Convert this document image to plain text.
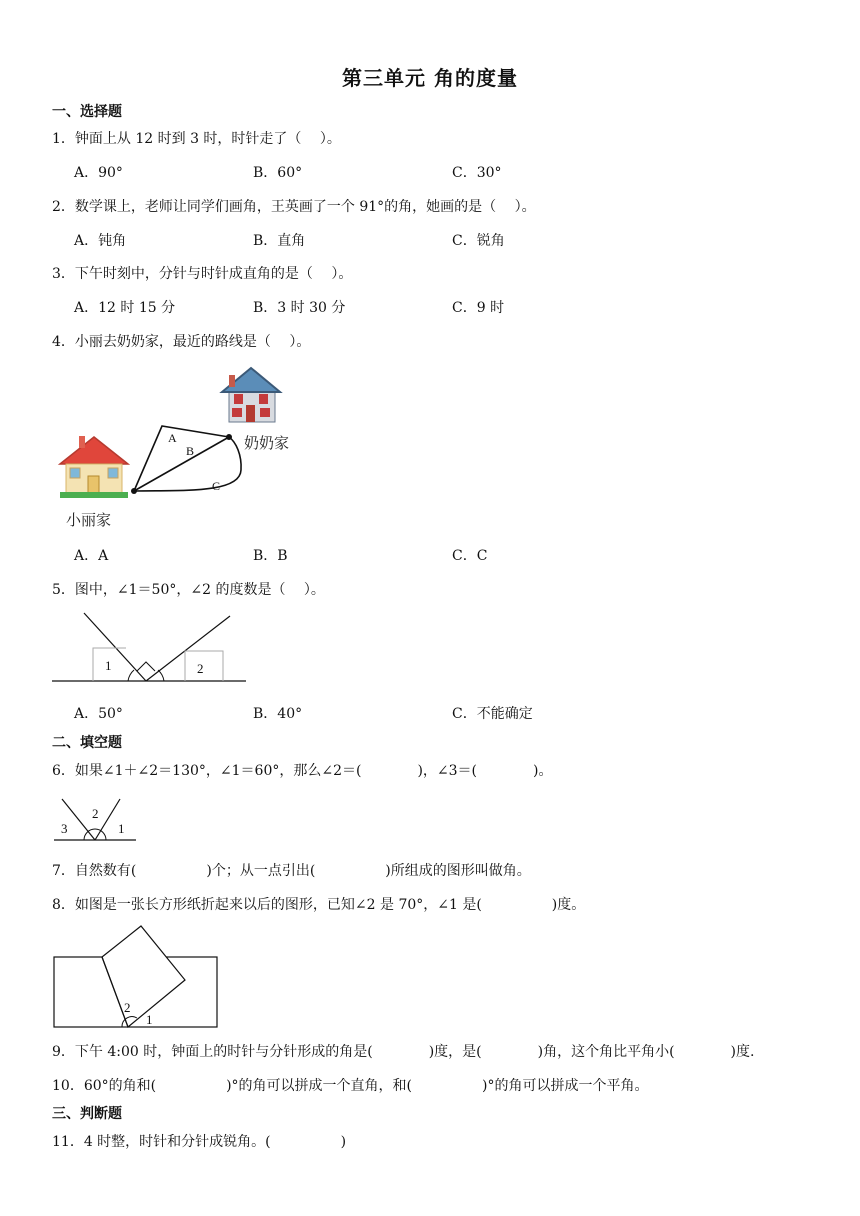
第三单元 角的度量
一、选择题
1．钟面上从 12 时到 3 时，时针走了（　 ）。
A．90°	B．60°	C．30°
2．数学课上，老师让同学们画角，王英画了一个 91°的角，她画的是（　 ）。
A．钝角	B．直角	C．锐角
3．下午时刻中，分针与时针成直角的是（　 ）。
A．12 时 15 分	B．3 时 30 分	C．9 时
4．小丽去奶奶家，最近的路线是（　 ）。
奶奶家
小丽家
A
B
C
1	2
2
3	1
2
1
A．A	B．B	C．C
5．图中，∠1＝50°，∠2 的度数是（　 ）。
A．50°	B．40°	C．不能确定
二、填空题
6．如果∠1＋∠2＝130°，∠1＝60°，那么∠2＝(　　　　)，∠3＝(　　　　)。
7．自然数有(　　　　　)个；从一点引出(　　　　　)所组成的图形叫做角。
8．如图是一张长方形纸折起来以后的图形，已知∠2 是 70°，∠1 是(　　　　　)度。
9．下午 4:00 时，钟面上的时针与分针形成的角是(　　　　)度，是(　　　　)角，这个角比平角小(　　　　)度.
10．60°的角和(　　　　　)°的角可以拼成一个直角，和(　　　　　)°的角可以拼成一个平角。
三、判断题
11．4 时整，时针和分针成锐角。(　　　　　)
